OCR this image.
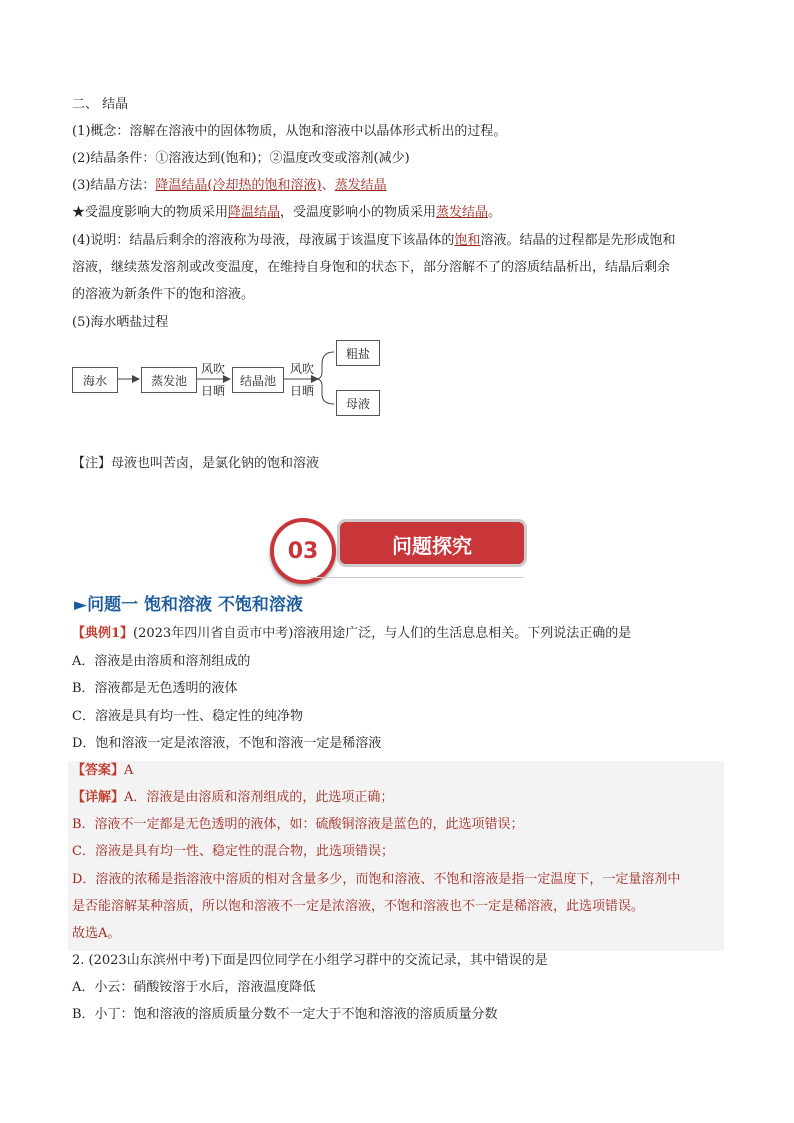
二、 结晶
(1)概念：溶解在溶液中的固体物质，从饱和溶液中以晶体形式析出的过程。
(2)结晶条件：①溶液达到(饱和)；②温度改变或溶剂(减少)
(3)结晶方法：降温结晶(冷却热的饱和溶液)、蒸发结晶
★受温度影响大的物质采用降温结晶，受温度影响小的物质采用蒸发结晶。
(4)说明：结晶后剩余的溶液称为母液，母液属于该温度下该晶体的饱和溶液。结晶的过程都是先形成饱和
溶液，继续蒸发溶剂或改变温度，在维持自身饱和的状态下，部分溶解不了的溶质结晶析出，结晶后剩余
的溶液为新条件下的饱和溶液。
(5)海水晒盐过程
海水	蒸发池	结晶池
粗盐
母液
风吹
日晒
风吹
日晒
【注】母液也叫苦卤，是氯化钠的饱和溶液
问题探究
03
►问题一 饱和溶液 不饱和溶液
【典例1】(2023年四川省自贡市中考)溶液用途广泛，与人们的生活息息相关。下列说法正确的是
A．溶液是由溶质和溶剂组成的
B．溶液都是无色透明的液体
C．溶液是具有均一性、稳定性的纯净物
D．饱和溶液一定是浓溶液，不饱和溶液一定是稀溶液
【答案】A
【详解】A．溶液是由溶质和溶剂组成的，此选项正确；
B．溶液不一定都是无色透明的液体，如：硫酸铜溶液是蓝色的，此选项错误；
C．溶液是具有均一性、稳定性的混合物，此选项错误；
D．溶液的浓稀是指溶液中溶质的相对含量多少，而饱和溶液、不饱和溶液是指一定温度下，一定量溶剂中
是否能溶解某种溶质，所以饱和溶液不一定是浓溶液，不饱和溶液也不一定是稀溶液，此选项错误。
故选A。
2. (2023山东滨州中考)下面是四位同学在小组学习群中的交流记录，其中错误的是
A．小云：硝酸铵溶于水后，溶液温度降低
B．小丁：饱和溶液的溶质质量分数不一定大于不饱和溶液的溶质质量分数
